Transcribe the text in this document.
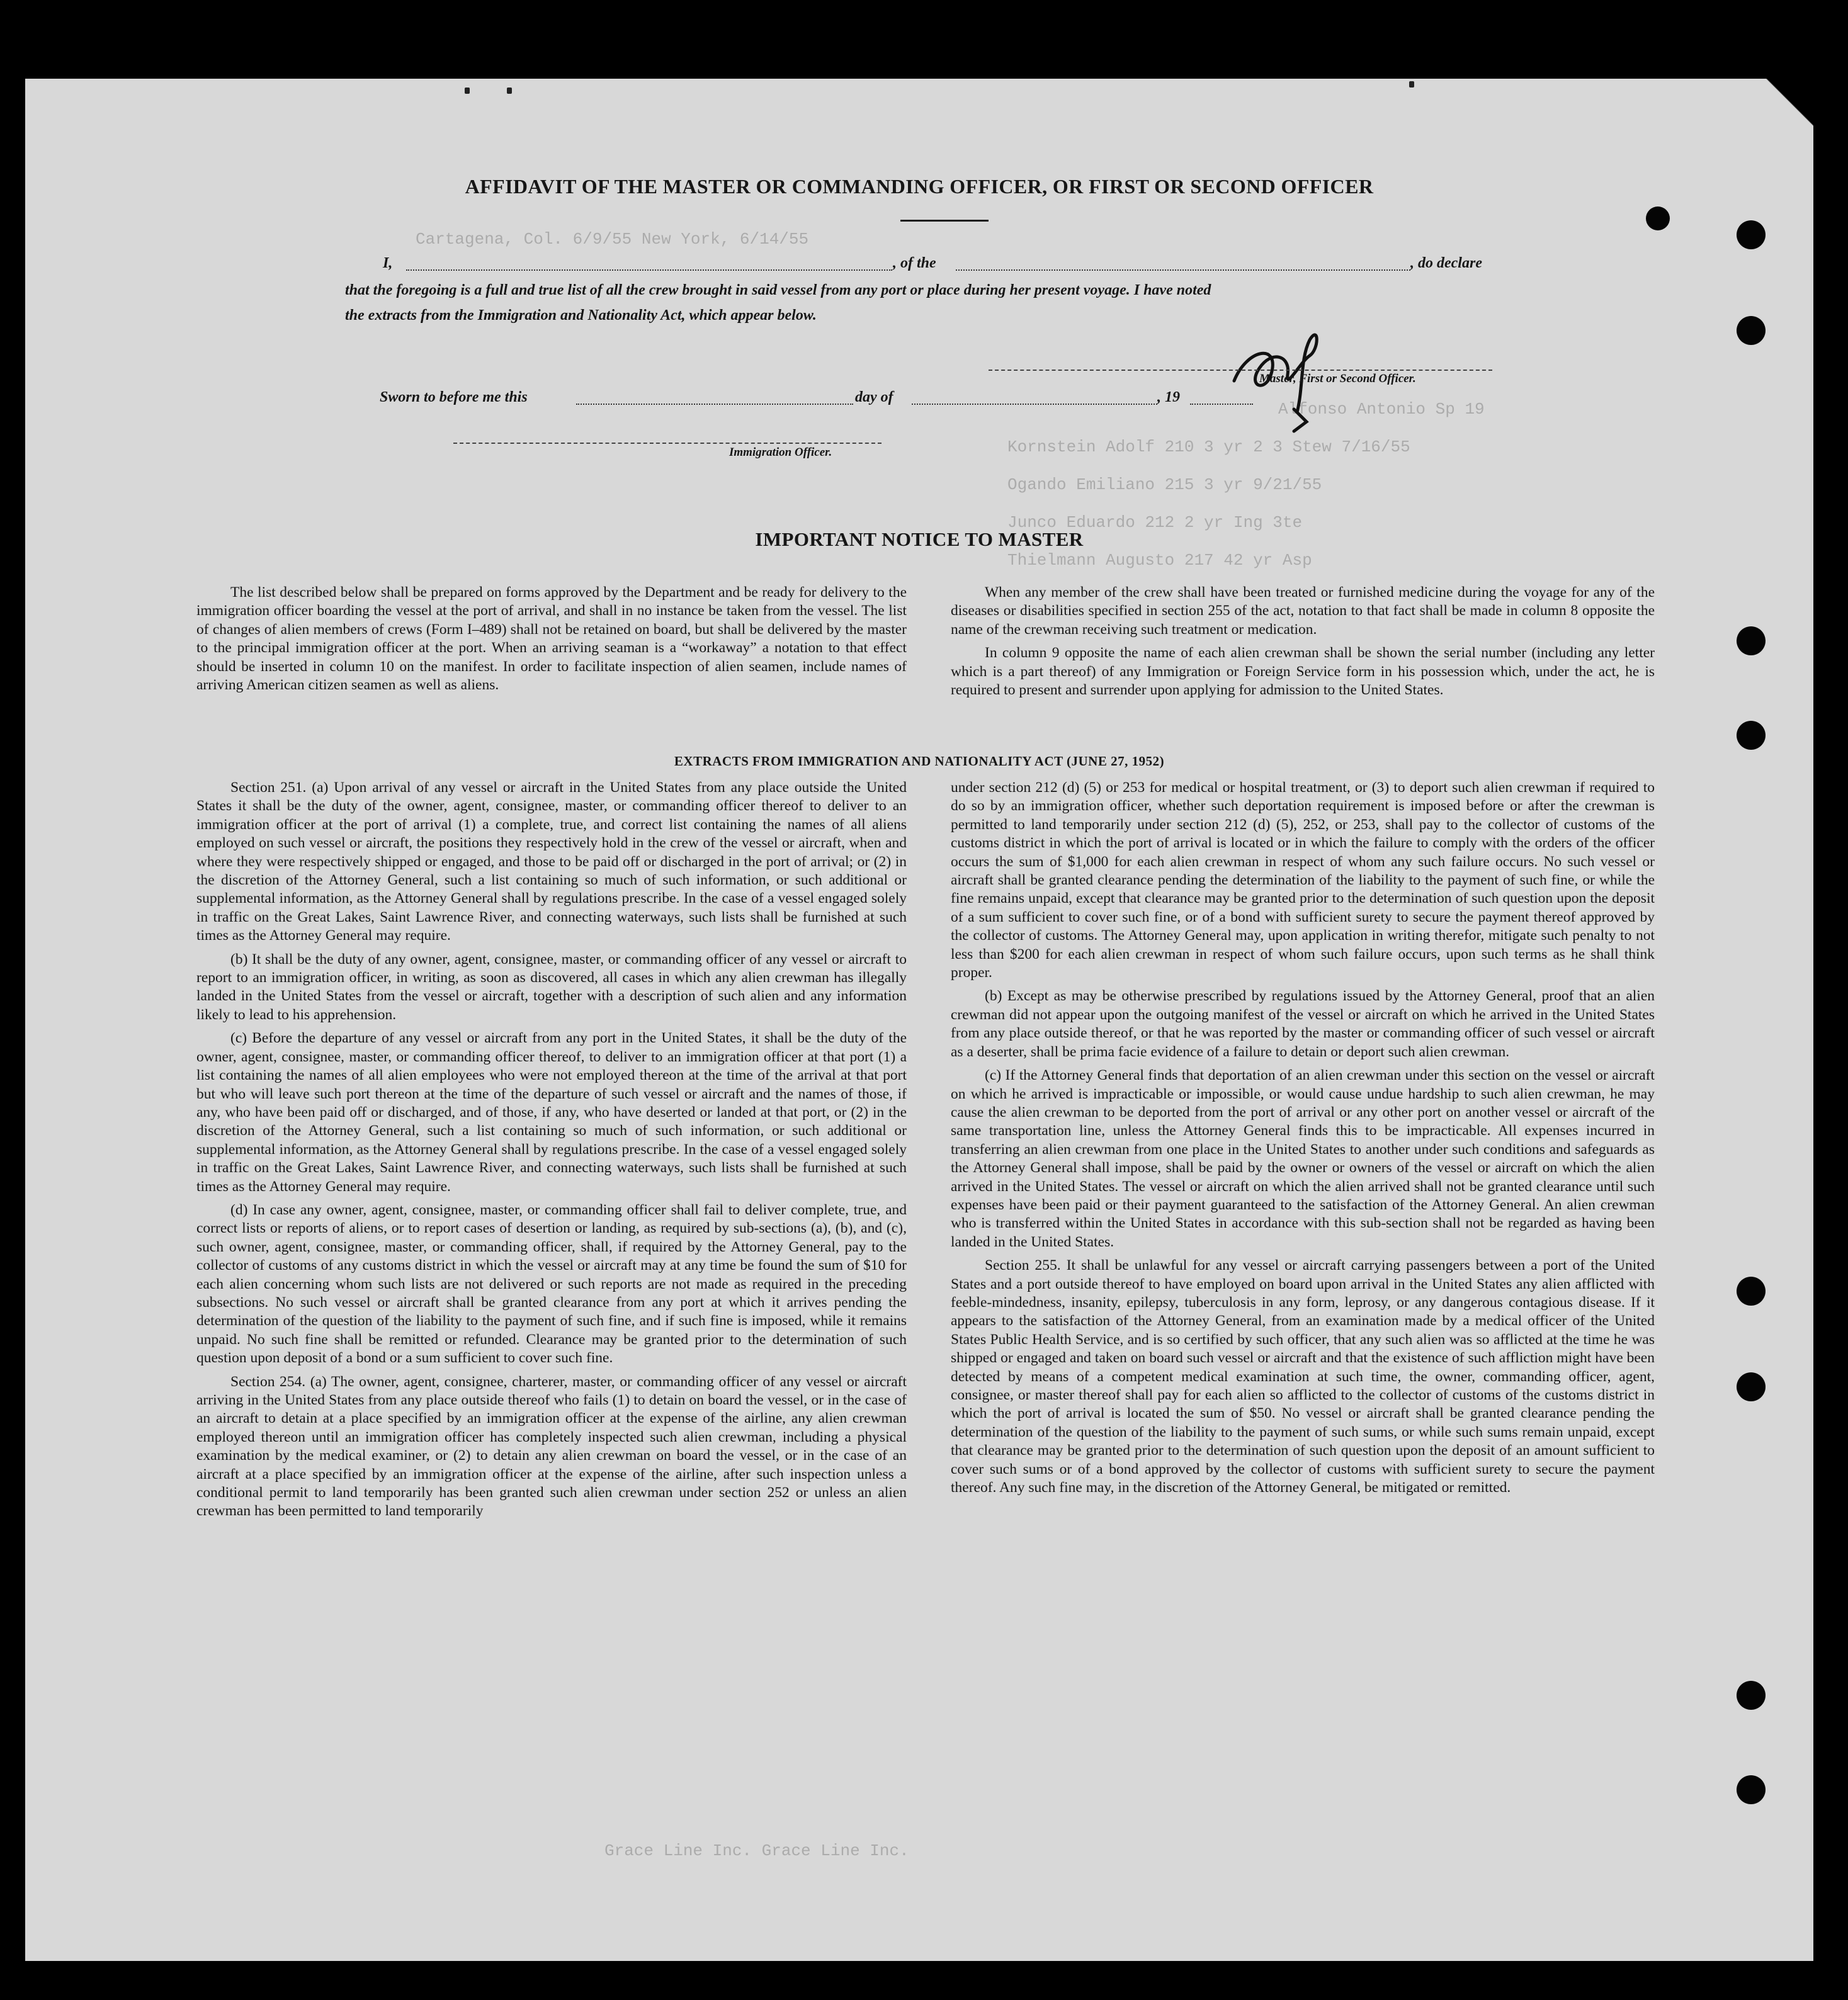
Cartagena, Col. 6/9/55 New York, 6/14/55
Alfonso Antonio Sp 19
Kornstein Adolf 210 3 yr 2 3 Stew 7/16/55
Ogando Emiliano 215 3 yr 9/21/55
Junco Eduardo 212 2 yr Ing 3te
Thielmann Augusto 217 42 yr Asp
Grace Line Inc. Grace Line Inc.
AFFIDAVIT OF THE MASTER OR COMMANDING OFFICER, OR FIRST OR SECOND OFFICER
I,	, of the	, do declare
that the foregoing is a full and true list of all the crew brought in said vessel from any port or place during her present voyage. I have noted
the extracts from the Immigration and Nationality Act, which appear below.
Master, First or Second Officer.
Sworn to before me this	day of	, 19
Immigration Officer.
IMPORTANT NOTICE TO MASTER

The list described below shall be prepared on forms approved by the Department and be ready for delivery to the immigration officer boarding the vessel at the port of arrival, and shall in no instance be taken from the vessel. The list of changes of alien members of crews (Form I–489) shall not be retained on board, but shall be delivered by the master to the principal immigration officer at the port. When an arriving seaman is a “workaway” a notation to that effect should be inserted in column 10 on the manifest. In order to facilitate inspection of alien seamen, include names of arriving American citizen seamen as well as aliens.

When any member of the crew shall have been treated or furnished medicine during the voyage for any of the diseases or disabilities specified in section 255 of the act, notation to that fact shall be made in column 8 opposite the name of the crewman receiving such treatment or medication.

In column 9 opposite the name of each alien crewman shall be shown the serial number (including any letter which is a part thereof) of any Immigration or Foreign Service form in his possession which, under the act, he is required to present and surrender upon applying for admission to the United States.

EXTRACTS FROM IMMIGRATION AND NATIONALITY ACT (JUNE 27, 1952)

Section 251. (a) Upon arrival of any vessel or aircraft in the United States from any place outside the United States it shall be the duty of the owner, agent, consignee, master, or commanding officer thereof to deliver to an immigration officer at the port of arrival (1) a complete, true, and correct list containing the names of all aliens employed on such vessel or aircraft, the positions they respectively hold in the crew of the vessel or aircraft, when and where they were respectively shipped or engaged, and those to be paid off or discharged in the port of arrival; or (2) in the discretion of the Attorney General, such a list containing so much of such information, or such additional or supplemental information, as the Attorney General shall by regulations prescribe. In the case of a vessel engaged solely in traffic on the Great Lakes, Saint Lawrence River, and connecting waterways, such lists shall be furnished at such times as the Attorney General may require.

(b) It shall be the duty of any owner, agent, consignee, master, or commanding officer of any vessel or aircraft to report to an immigration officer, in writing, as soon as discovered, all cases in which any alien crewman has illegally landed in the United States from the vessel or aircraft, together with a description of such alien and any information likely to lead to his apprehension.

(c) Before the departure of any vessel or aircraft from any port in the United States, it shall be the duty of the owner, agent, consignee, master, or commanding officer thereof, to deliver to an immigration officer at that port (1) a list containing the names of all alien employees who were not employed thereon at the time of the arrival at that port but who will leave such port thereon at the time of the departure of such vessel or aircraft and the names of those, if any, who have been paid off or discharged, and of those, if any, who have deserted or landed at that port, or (2) in the discretion of the Attorney General, such a list containing so much of such information, or such additional or supplemental information, as the Attorney General shall by regulations prescribe. In the case of a vessel engaged solely in traffic on the Great Lakes, Saint Lawrence River, and connecting waterways, such lists shall be furnished at such times as the Attorney General may require.

(d) In case any owner, agent, consignee, master, or commanding officer shall fail to deliver complete, true, and correct lists or reports of aliens, or to report cases of desertion or landing, as required by sub-sections (a), (b), and (c), such owner, agent, consignee, master, or commanding officer, shall, if required by the Attorney General, pay to the collector of customs of any customs district in which the vessel or aircraft may at any time be found the sum of $10 for each alien concerning whom such lists are not delivered or such reports are not made as required in the preceding subsections. No such vessel or aircraft shall be granted clearance from any port at which it arrives pending the determination of the question of the liability to the payment of such fine, and if such fine is imposed, while it remains unpaid. No such fine shall be remitted or refunded. Clearance may be granted prior to the determination of such question upon deposit of a bond or a sum sufficient to cover such fine.

Section 254. (a) The owner, agent, consignee, charterer, master, or commanding officer of any vessel or aircraft arriving in the United States from any place outside thereof who fails (1) to detain on board the vessel, or in the case of an aircraft to detain at a place specified by an immigration officer at the expense of the airline, any alien crewman employed thereon until an immigration officer has completely inspected such alien crewman, including a physical examination by the medical examiner, or (2) to detain any alien crewman on board the vessel, or in the case of an aircraft at a place specified by an immigration officer at the expense of the airline, after such inspection unless a conditional permit to land temporarily has been granted such alien crewman under section 252 or unless an alien crewman has been permitted to land temporarily

under section 212 (d) (5) or 253 for medical or hospital treatment, or (3) to deport such alien crewman if required to do so by an immigration officer, whether such deportation requirement is imposed before or after the crewman is permitted to land temporarily under section 212 (d) (5), 252, or 253, shall pay to the collector of customs of the customs district in which the port of arrival is located or in which the failure to comply with the orders of the officer occurs the sum of $1,000 for each alien crewman in respect of whom any such failure occurs. No such vessel or aircraft shall be granted clearance pending the determination of the liability to the payment of such fine, or while the fine remains unpaid, except that clearance may be granted prior to the determination of such question upon the deposit of a sum sufficient to cover such fine, or of a bond with sufficient surety to secure the payment thereof approved by the collector of customs. The Attorney General may, upon application in writing therefor, mitigate such penalty to not less than $200 for each alien crewman in respect of whom such failure occurs, upon such terms as he shall think proper.

(b) Except as may be otherwise prescribed by regulations issued by the Attorney General, proof that an alien crewman did not appear upon the outgoing manifest of the vessel or aircraft on which he arrived in the United States from any place outside thereof, or that he was reported by the master or commanding officer of such vessel or aircraft as a deserter, shall be prima facie evidence of a failure to detain or deport such alien crewman.

(c) If the Attorney General finds that deportation of an alien crewman under this section on the vessel or aircraft on which he arrived is impracticable or impossible, or would cause undue hardship to such alien crewman, he may cause the alien crewman to be deported from the port of arrival or any other port on another vessel or aircraft of the same transportation line, unless the Attorney General finds this to be impracticable. All expenses incurred in transferring an alien crewman from one place in the United States to another under such conditions and safeguards as the Attorney General shall impose, shall be paid by the owner or owners of the vessel or aircraft on which the alien arrived in the United States. The vessel or aircraft on which the alien arrived shall not be granted clearance until such expenses have been paid or their payment guaranteed to the satisfaction of the Attorney General. An alien crewman who is transferred within the United States in accordance with this sub-section shall not be regarded as having been landed in the United States.

Section 255. It shall be unlawful for any vessel or aircraft carrying passengers between a port of the United States and a port outside thereof to have employed on board upon arrival in the United States any alien afflicted with feeble-mindedness, insanity, epilepsy, tuberculosis in any form, leprosy, or any dangerous contagious disease. If it appears to the satisfaction of the Attorney General, from an examination made by a medical officer of the United States Public Health Service, and is so certified by such officer, that any such alien was so afflicted at the time he was shipped or engaged and taken on board such vessel or aircraft and that the existence of such affliction might have been detected by means of a competent medical examination at such time, the owner, commanding officer, agent, consignee, or master thereof shall pay for each alien so afflicted to the collector of customs of the customs district in which the port of arrival is located the sum of $50. No vessel or aircraft shall be granted clearance pending the determination of the question of the liability to the payment of such sums, or while such sums remain unpaid, except that clearance may be granted prior to the determination of such question upon the deposit of an amount sufficient to cover such sums or of a bond approved by the collector of customs with sufficient surety to secure the payment thereof. Any such fine may, in the discretion of the Attorney General, be mitigated or remitted.
